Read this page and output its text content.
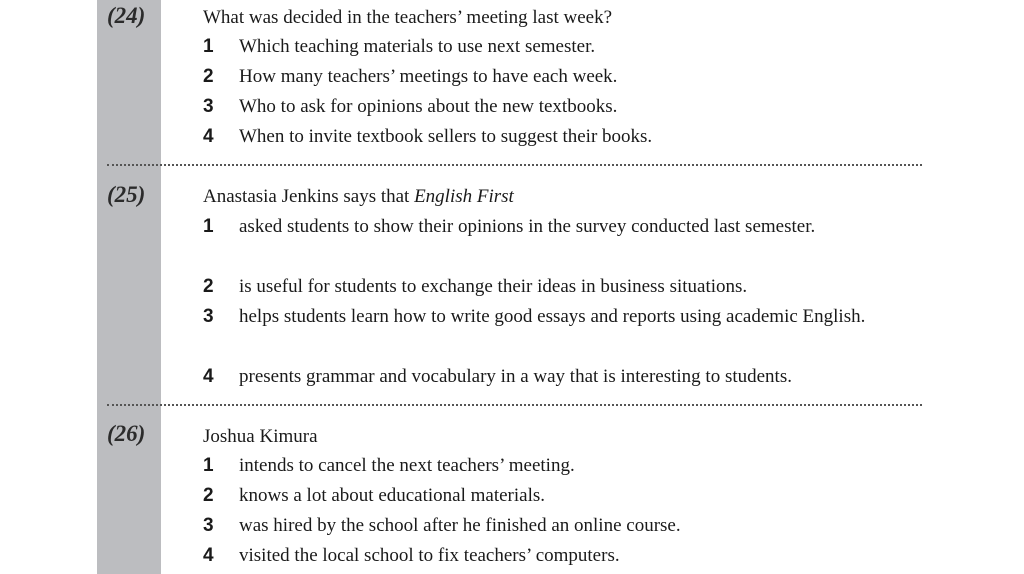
(24)	What was decided in the teachers’ meeting last week?
1 Which teaching materials to use next semester.
2 How many teachers’ meetings to have each week.
3 Who to ask for opinions about the new textbooks.
4 When to invite textbook sellers to suggest their books.
(25)	Anastasia Jenkins says that English First
1 asked students to show their opinions in the survey conducted last semester.
2 is useful for students to exchange their ideas in business situations.
3 helps students learn how to write good essays and reports using academic English.
4 presents grammar and vocabulary in a way that is interesting to students.
(26)	Joshua Kimura
1 intends to cancel the next teachers’ meeting.
2 knows a lot about educational materials.
3 was hired by the school after he finished an online course.
4 visited the local school to fix teachers’ computers.
